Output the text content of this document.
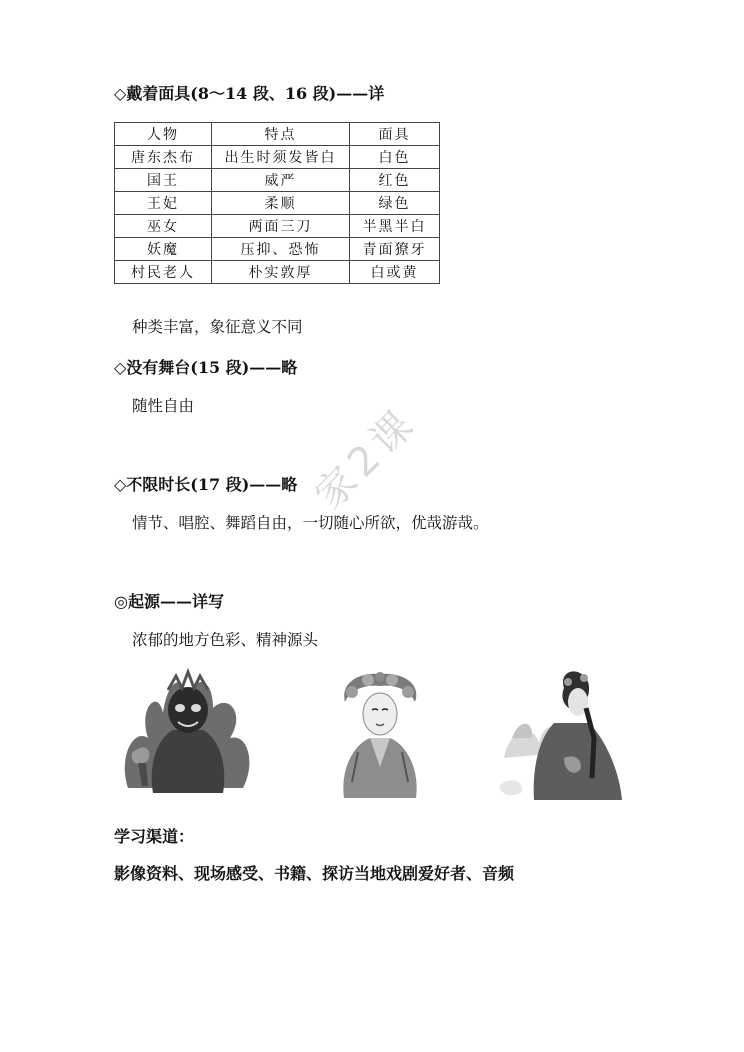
家2课
◇戴着面具(8～14 段、16 段)——详
人物	特点	面具
唐东杰布	出生时须发皆白	白色
国王	威严	红色
王妃	柔顺	绿色
巫女	两面三刀	半黑半白
妖魔	压抑、恐怖	青面獠牙
村民老人	朴实敦厚	白或黄
种类丰富，象征意义不同
◇没有舞台(15 段)——略
随性自由
◇不限时长(17 段)——略
情节、唱腔、舞蹈自由，一切随心所欲，优哉游哉。
◎起源——详写
浓郁的地方色彩、精神源头
学习渠道：
影像资料、现场感受、书籍、探访当地戏剧爱好者、音频
